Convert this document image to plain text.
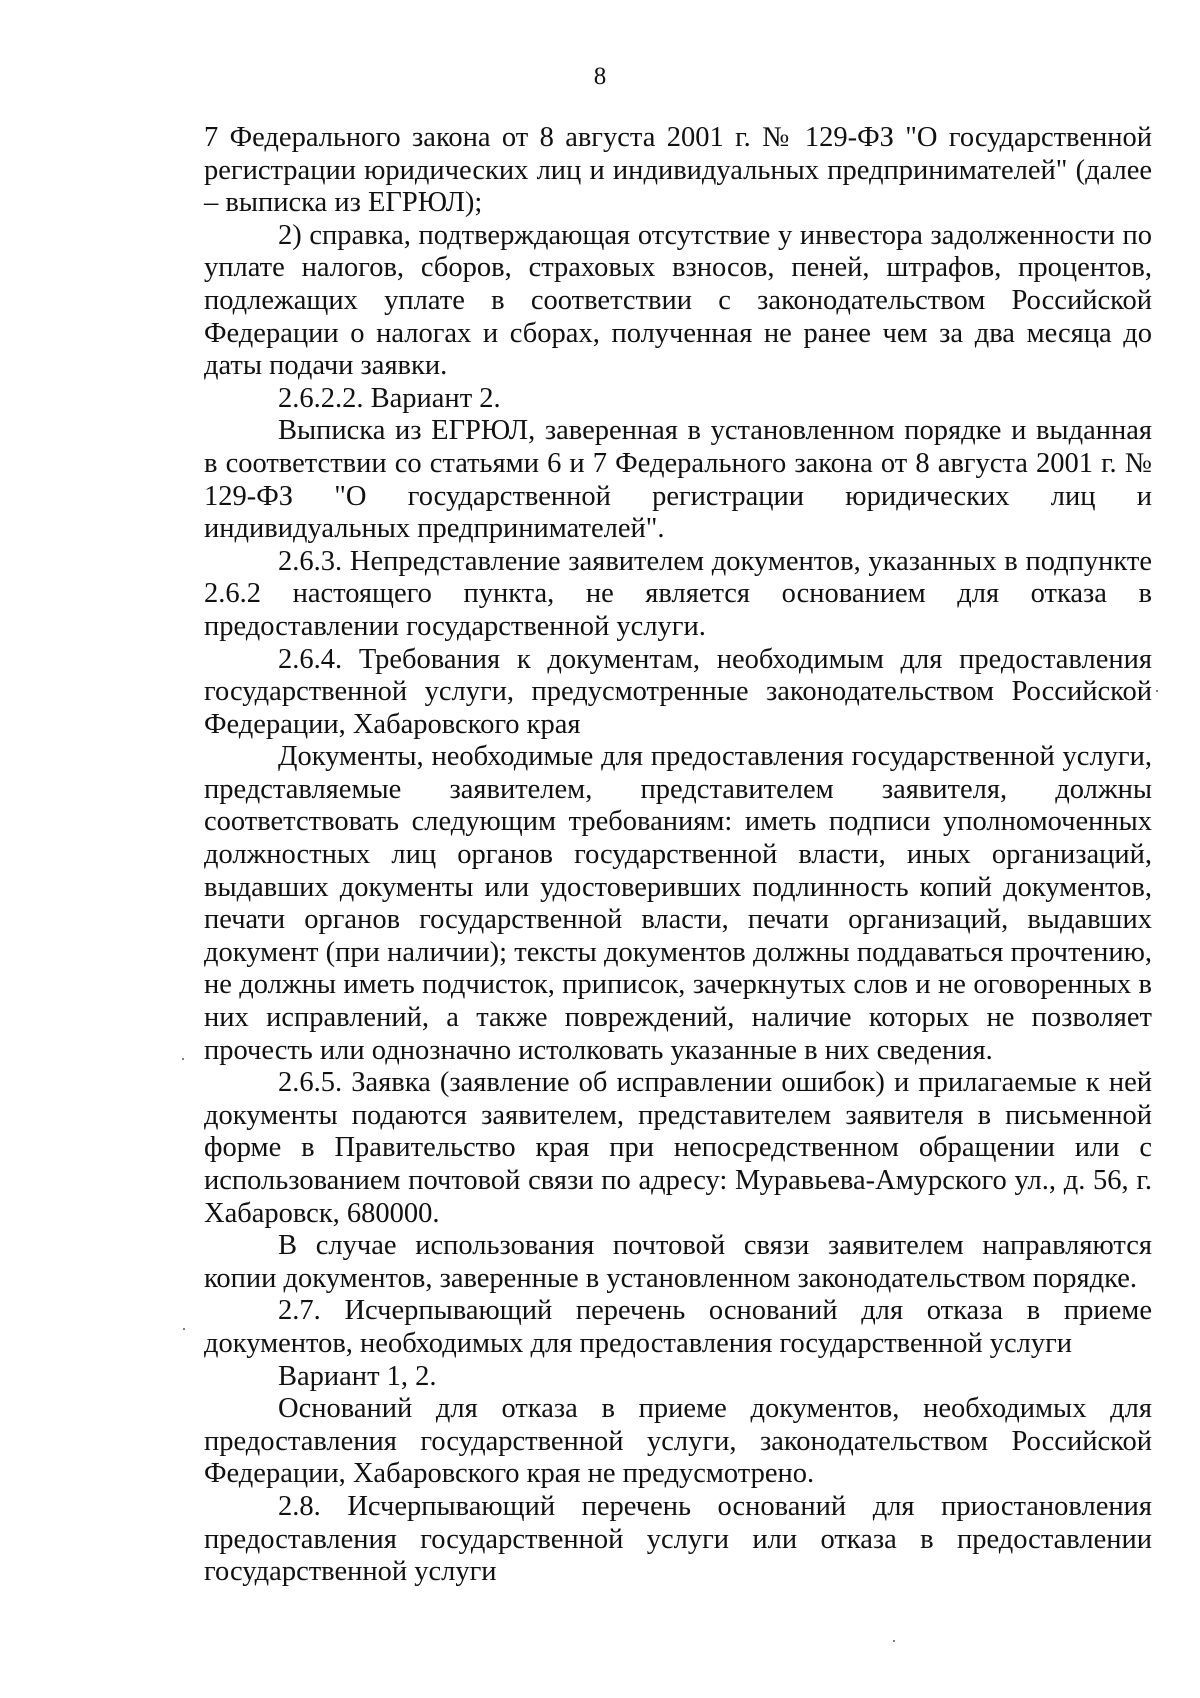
8

7 Федерального закона от 8 августа 2001 г. № 129-ФЗ "О государственной регистрации юридических лиц и индивидуальных предпринимателей" (далее – выписка из ЕГРЮЛ);

2) справка, подтверждающая отсутствие у инвестора задолженности по уплате налогов, сборов, страховых взносов, пеней, штрафов, процентов, подлежащих уплате в соответствии с законодательством Российской Федерации о налогах и сборах, полученная не ранее чем за два месяца до даты подачи заявки.

2.6.2.2. Вариант 2.

Выписка из ЕГРЮЛ, заверенная в установленном порядке и выданная в соответствии со статьями 6 и 7 Федерального закона от 8 августа 2001 г. № 129-ФЗ "О государственной регистрации юридических лиц и индивидуальных предпринимателей".

2.6.3. Непредставление заявителем документов, указанных в подпункте 2.6.2 настоящего пункта, не является основанием для отказа в предоставлении государственной услуги.

2.6.4. Требования к документам, необходимым для предоставления государственной услуги, предусмотренные законодательством Российской Федерации, Хабаровского края

Документы, необходимые для предоставления государственной услуги, представляемые заявителем, представителем заявителя, должны соответствовать следующим требованиям: иметь подписи уполномоченных должностных лиц органов государственной власти, иных организаций, выдавших документы или удостоверивших подлинность копий документов, печати органов государственной власти, печати организаций, выдавших документ (при наличии); тексты документов должны поддаваться прочтению, не должны иметь подчисток, приписок, зачеркнутых слов и не оговоренных в них исправлений, а также повреждений, наличие которых не позволяет прочесть или однозначно истолковать указанные в них сведения.

2.6.5. Заявка (заявление об исправлении ошибок) и прилагаемые к ней документы подаются заявителем, представителем заявителя в письменной форме в Правительство края при непосредственном обращении или с использованием почтовой связи по адресу: Муравьева-Амурского ул., д. 56, г. Хабаровск, 680000.

В случае использования почтовой связи заявителем направляются копии документов, заверенные в установленном законодательством порядке.

2.7. Исчерпывающий перечень оснований для отказа в приеме документов, необходимых для предоставления государственной услуги

Вариант 1, 2.

Оснований для отказа в приеме документов, необходимых для предоставления государственной услуги, законодательством Российской Федерации, Хабаровского края не предусмотрено.

2.8. Исчерпывающий перечень оснований для приостановления предоставления государственной услуги или отказа в предоставлении государственной услуги
